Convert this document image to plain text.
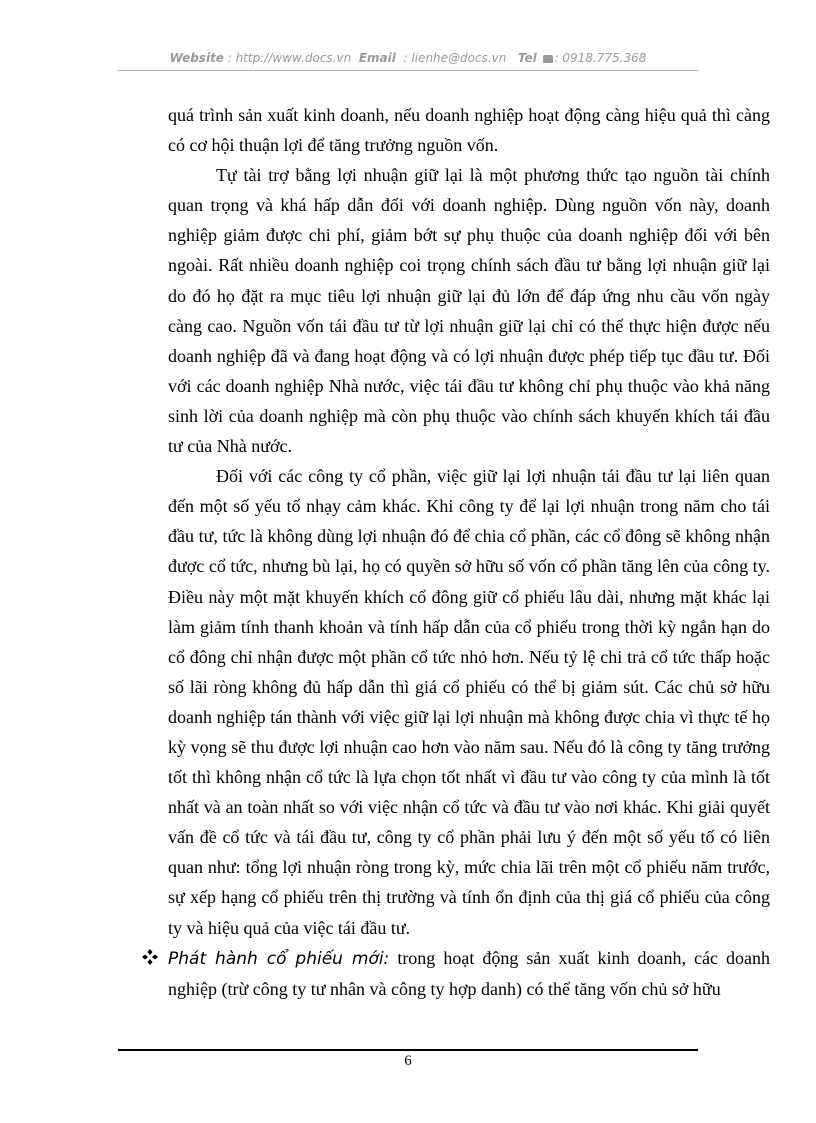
Website : http://www.docs.vn Email : lienhe@docs.vn Tel : 0918.775.368

quá trình sản xuất kinh doanh, nếu doanh nghiệp hoạt động càng hiệu quả thì càng có cơ hội thuận lợi để tăng trưởng nguồn vốn.

Tự tài trợ bằng lợi nhuận giữ lại là một phương thức tạo nguồn tài chính quan trọng và khá hấp dẫn đối với doanh nghiệp. Dùng nguồn vốn này, doanh nghiệp giảm được chi phí, giảm bớt sự phụ thuộc của doanh nghiệp đối với bên ngoài. Rất nhiều doanh nghiệp coi trọng chính sách đầu tư bằng lợi nhuận giữ lại do đó họ đặt ra mục tiêu lợi nhuận giữ lại đủ lớn để đáp ứng nhu cầu vốn ngày càng cao. Nguồn vốn tái đầu tư từ lợi nhuận giữ lại chỉ có thể thực hiện được nếu doanh nghiệp đã và đang hoạt động và có lợi nhuận được phép tiếp tục đầu tư. Đối với các doanh nghiệp Nhà nước, việc tái đầu tư không chỉ phụ thuộc vào khả năng sinh lời của doanh nghiệp mà còn phụ thuộc vào chính sách khuyến khích tái đầu tư của Nhà nước.

Đối với các công ty cổ phần, việc giữ lại lợi nhuận tái đầu tư lại liên quan đến một số yếu tố nhạy cảm khác. Khi công ty để lại lợi nhuận trong năm cho tái đầu tư, tức là không dùng lợi nhuận đó để chia cổ phần, các cổ đông sẽ không nhận được cổ tức, nhưng bù lại, họ có quyền sở hữu số vốn cổ phần tăng lên của công ty. Điều này một mặt khuyến khích cổ đông giữ cổ phiếu lâu dài, nhưng mặt khác lại làm giảm tính thanh khoản và tính hấp dẫn của cổ phiếu trong thời kỳ ngắn hạn do cổ đông chỉ nhận được một phần cổ tức nhỏ hơn. Nếu tỷ lệ chi trả cổ tức thấp hoặc số lãi ròng không đủ hấp dẫn thì giá cổ phiếu có thể bị giảm sút. Các chủ sở hữu doanh nghiệp tán thành với việc giữ lại lợi nhuận mà không được chia vì thực tế họ kỳ vọng sẽ thu được lợi nhuận cao hơn vào năm sau. Nếu đó là công ty tăng trưởng tốt thì không nhận cổ tức là lựa chọn tốt nhất vì đầu tư vào công ty của mình là tốt nhất và an toàn nhất so với việc nhận cổ tức và đầu tư vào nơi khác. Khi giải quyết vấn đề cổ tức và tái đầu tư, công ty cổ phần phải lưu ý đến một số yếu tố có liên quan như: tổng lợi nhuận ròng trong kỳ, mức chia lãi trên một cổ phiếu năm trước, sự xếp hạng cổ phiếu trên thị trường và tính ổn định của thị giá cổ phiếu của công ty và hiệu quả của việc tái đầu tư.

Phát hành cổ phiếu mới: trong hoạt động sản xuất kinh doanh, các doanh nghiệp (trừ công ty tư nhân và công ty hợp danh) có thể tăng vốn chủ sở hữu

6
